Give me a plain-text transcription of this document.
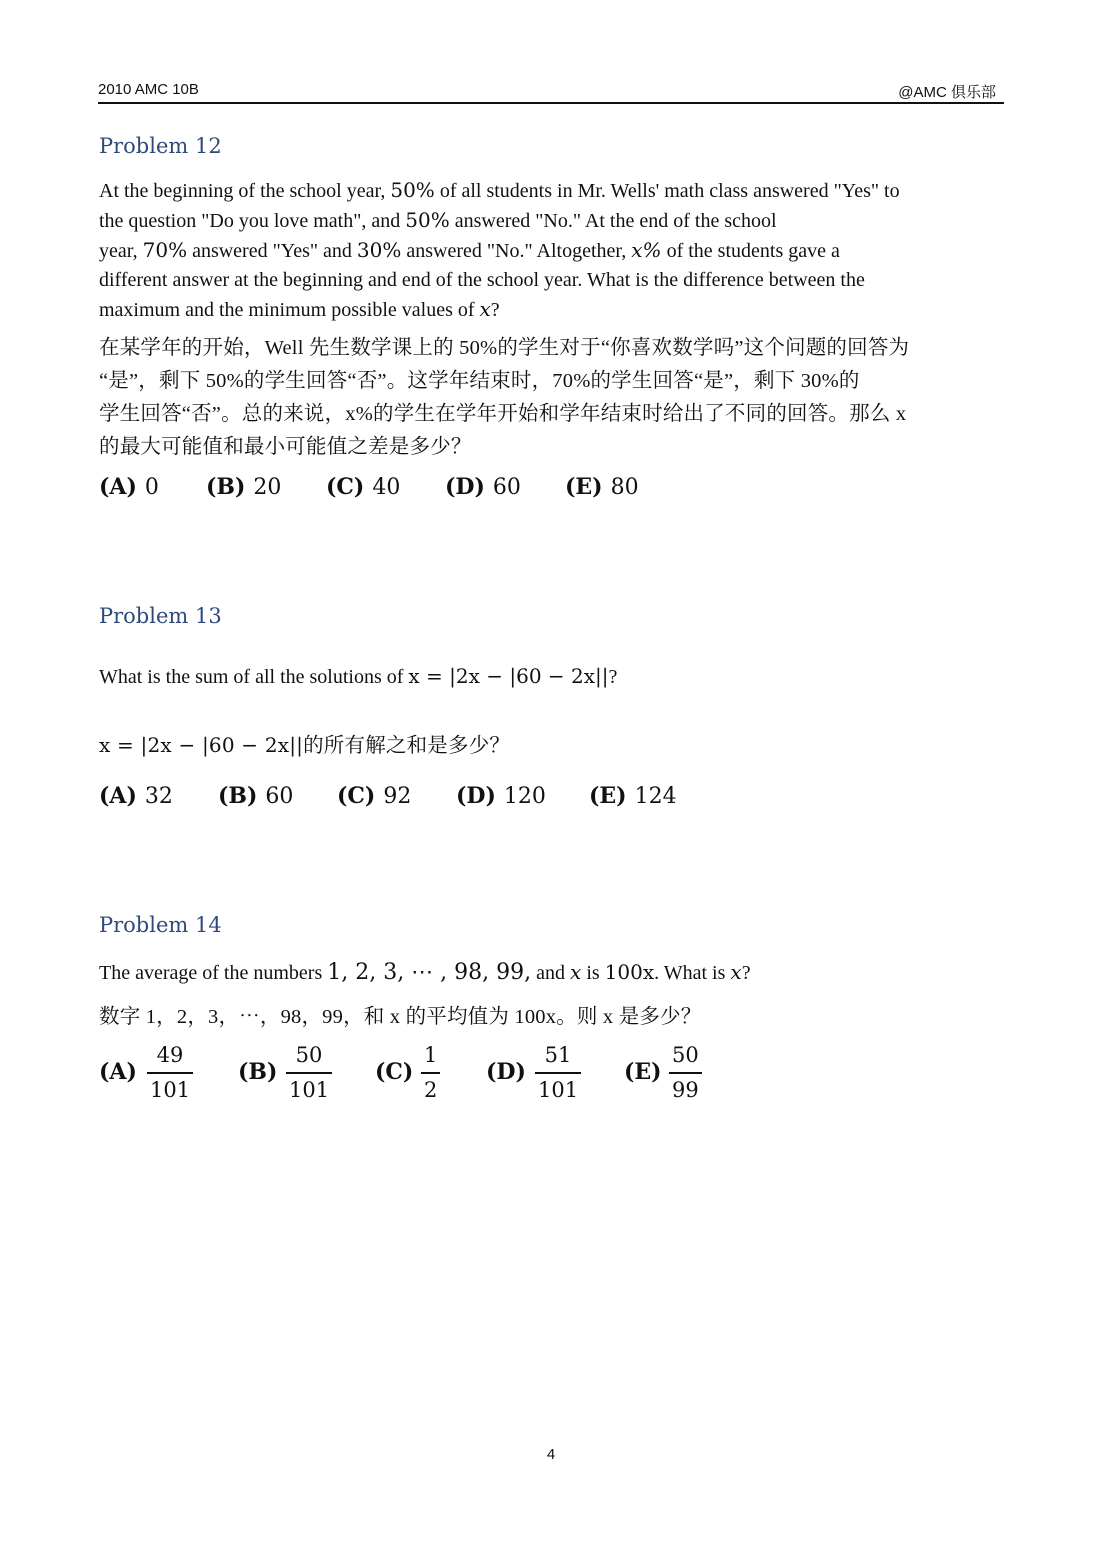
2010 AMC 10B	@AMC 俱乐部
Problem 12
At the beginning of the school year, 50% of all students in Mr. Wells' math class answered "Yes" to
the question "Do you love math", and 50% answered "No." At the end of the school
year, 70% answered "Yes" and 30% answered "No." Altogether, x% of the students gave a
different answer at the beginning and end of the school year. What is the difference between the
maximum and the minimum possible values of x?
在某学年的开始，Well 先生数学课上的 50%的学生对于“你喜欢数学吗”这个问题的回答为
“是”，剩下 50%的学生回答“否”。这学年结束时，70%的学生回答“是”，剩下 30%的
学生回答“否”。总的来说，x%的学生在学年开始和学年结束时给出了不同的回答。那么 x
的最大可能值和最小可能值之差是多少？
(A) 0 (B) 20 (C) 40 (D) 60 (E) 80
Problem 13
What is the sum of all the solutions of x = |2x − |60 − 2x||?
x = |2x − |60 − 2x||的所有解之和是多少？
(A) 32 (B) 60 (C) 92 (D) 120 (E) 124
Problem 14
The average of the numbers 1, 2, 3, ⋯ , 98, 99, and x is 100x. What is x?
数字 1，2，3，⋯，98，99，和 x 的平均值为 100x。则 x 是多少？
(A)
49
101
(B)
50
101
(C)
1
2
(D)
51
101
(E)
50
99
4
